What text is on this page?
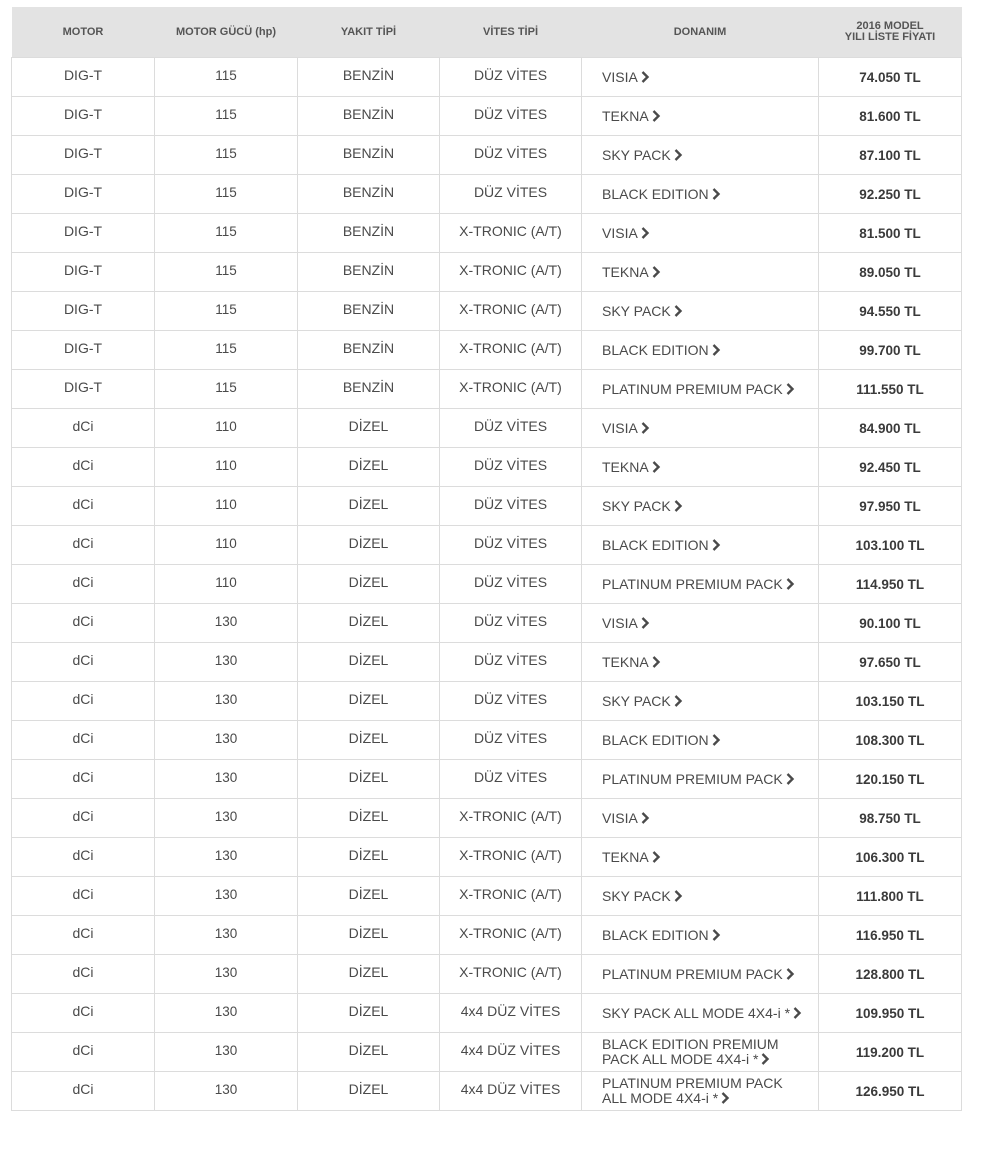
MOTOR	MOTOR GÜCÜ (hp)	YAKIT TİPİ	VİTES TİPİ	DONANIM	2016 MODEL
YILI LİSTE FİYATI

DIG-T	115	BENZİN	DÜZ VİTES	VISIA	74.050 TL
DIG-T	115	BENZİN	DÜZ VİTES	TEKNA	81.600 TL
DIG-T	115	BENZİN	DÜZ VİTES	SKY PACK	87.100 TL
DIG-T	115	BENZİN	DÜZ VİTES	BLACK EDITION	92.250 TL
DIG-T	115	BENZİN	X-TRONIC (A/T)	VISIA	81.500 TL
DIG-T	115	BENZİN	X-TRONIC (A/T)	TEKNA	89.050 TL
DIG-T	115	BENZİN	X-TRONIC (A/T)	SKY PACK	94.550 TL
DIG-T	115	BENZİN	X-TRONIC (A/T)	BLACK EDITION	99.700 TL
DIG-T	115	BENZİN	X-TRONIC (A/T)	PLATINUM PREMIUM PACK	111.550 TL
dCi	110	DİZEL	DÜZ VİTES	VISIA	84.900 TL
dCi	110	DİZEL	DÜZ VİTES	TEKNA	92.450 TL
dCi	110	DİZEL	DÜZ VİTES	SKY PACK	97.950 TL
dCi	110	DİZEL	DÜZ VİTES	BLACK EDITION	103.100 TL
dCi	110	DİZEL	DÜZ VİTES	PLATINUM PREMIUM PACK	114.950 TL
dCi	130	DİZEL	DÜZ VİTES	VISIA	90.100 TL
dCi	130	DİZEL	DÜZ VİTES	TEKNA	97.650 TL
dCi	130	DİZEL	DÜZ VİTES	SKY PACK	103.150 TL
dCi	130	DİZEL	DÜZ VİTES	BLACK EDITION	108.300 TL
dCi	130	DİZEL	DÜZ VİTES	PLATINUM PREMIUM PACK	120.150 TL
dCi	130	DİZEL	X-TRONIC (A/T)	VISIA	98.750 TL
dCi	130	DİZEL	X-TRONIC (A/T)	TEKNA	106.300 TL
dCi	130	DİZEL	X-TRONIC (A/T)	SKY PACK	111.800 TL
dCi	130	DİZEL	X-TRONIC (A/T)	BLACK EDITION	116.950 TL
dCi	130	DİZEL	X-TRONIC (A/T)	PLATINUM PREMIUM PACK	128.800 TL
dCi	130	DİZEL	4x4 DÜZ VİTES	SKY PACK ALL MODE 4X4-i *	109.950 TL
dCi	130	DİZEL	4x4 DÜZ VİTES	BLACK EDITION PREMIUM PACK ALL MODE 4X4-i *	119.200 TL
dCi	130	DİZEL	4x4 DÜZ VİTES	PLATINUM PREMIUM PACK ALL MODE 4X4-i *	126.950 TL
